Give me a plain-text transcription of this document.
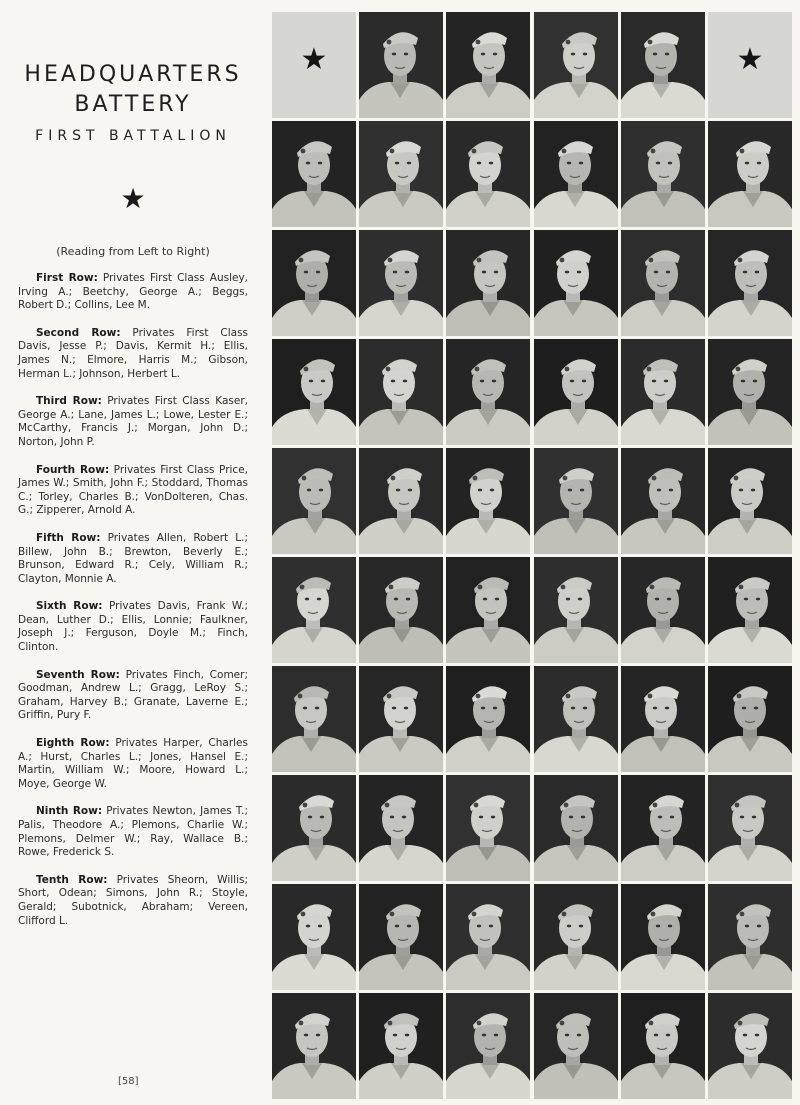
HEADQUARTERS
BATTERY
FIRST BATTALION
★
(Reading from Left to Right)
First Row: Privates First Class Ausley, Irving A.; Beetchy, George A.; Beggs, Robert D.; Collins, Lee M.
Second Row: Privates First Class Davis, Jesse P.; Davis, Kermit H.; Ellis, James N.; Elmore, Harris M.; Gibson, Herman L.; Johnson, Herbert L.
Third Row: Privates First Class Kaser, George A.; Lane, James L.; Lowe, Lester E.; McCarthy, Francis J.; Morgan, John D.; Norton, John P.
Fourth Row: Privates First Class Price, James W.; Smith, John F.; Stoddard, Thomas C.; Torley, Charles B.; VonDolteren, Chas. G.; Zipperer, Arnold A.
Fifth Row: Privates Allen, Robert L.; Billew, John B.; Brewton, Beverly E.; Brunson, Edward R.; Cely, William R.; Clayton, Monnie A.
Sixth Row: Privates Davis, Frank W.; Dean, Luther D.; Ellis, Lonnie; Faulkner, Joseph J.; Ferguson, Doyle M.; Finch, Clinton.
Seventh Row: Privates Finch, Comer; Goodman, Andrew L.; Gragg, LeRoy S.; Graham, Harvey B.; Granate, Laverne E.; Griffin, Pury F.
Eighth Row: Privates Harper, Charles A.; Hurst, Charles L.; Jones, Hansel E.; Martin, William W.; Moore, Howard L.; Moye, George W.
Ninth Row: Privates Newton, James T.; Palis, Theodore A.; Plemons, Charlie W.; Plemons, Delmer W.; Ray, Wallace B.; Rowe, Frederick S.
Tenth Row: Privates Sheorn, Willis; Short, Odean; Simons, John R.; Stoyle, Gerald; Subotnick, Abraham; Vereen, Clifford L.
[58]
★	★
